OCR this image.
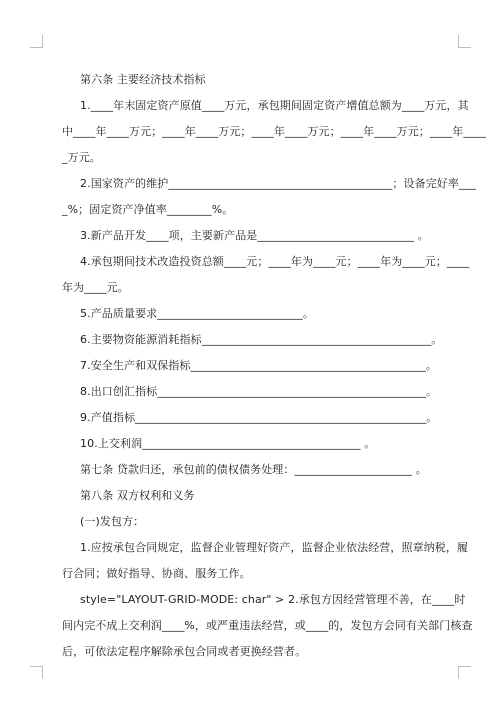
第六条 主要经济技术指标
1.____年末固定资产原值____万元，承包期间固定资产增值总额为____万元，其
中____年____万元；____年____万元；____年____万元；____年____万元；____年____
_万元。
2.国家资产的维护________________________________________；设备完好率___
_%；固定资产净值率________%。
3.新产品开发____项，主要新产品是____________________________ 。
4.承包期间技术改造投资总额____元；____年为____元；____年为____元；____
年为____元。
5.产品质量要求__________________________。
6.主要物资能源消耗指标_________________________________________。
7.安全生产和双保指标__________________________________________。
8.出口创汇指标________________________________________________。
9.产值指标____________________________________________________。
10.上交利润_______________________________________ 。
第七条 贷款归还，承包前的债权债务处理：_____________________ 。
第八条 双方权利和义务
(一)发包方：
1.应按承包合同规定，监督企业管理好资产，监督企业依法经营，照章纳税，履
行合同；做好指导、协商、服务工作。
style="LAYOUT-GRID-MODE: char" > 2.承包方因经营管理不善，在____时
间内完不成上交利润____%，或严重违法经营，或____的，发包方会同有关部门核查
后，可依法定程序解除承包合同或者更换经营者。
